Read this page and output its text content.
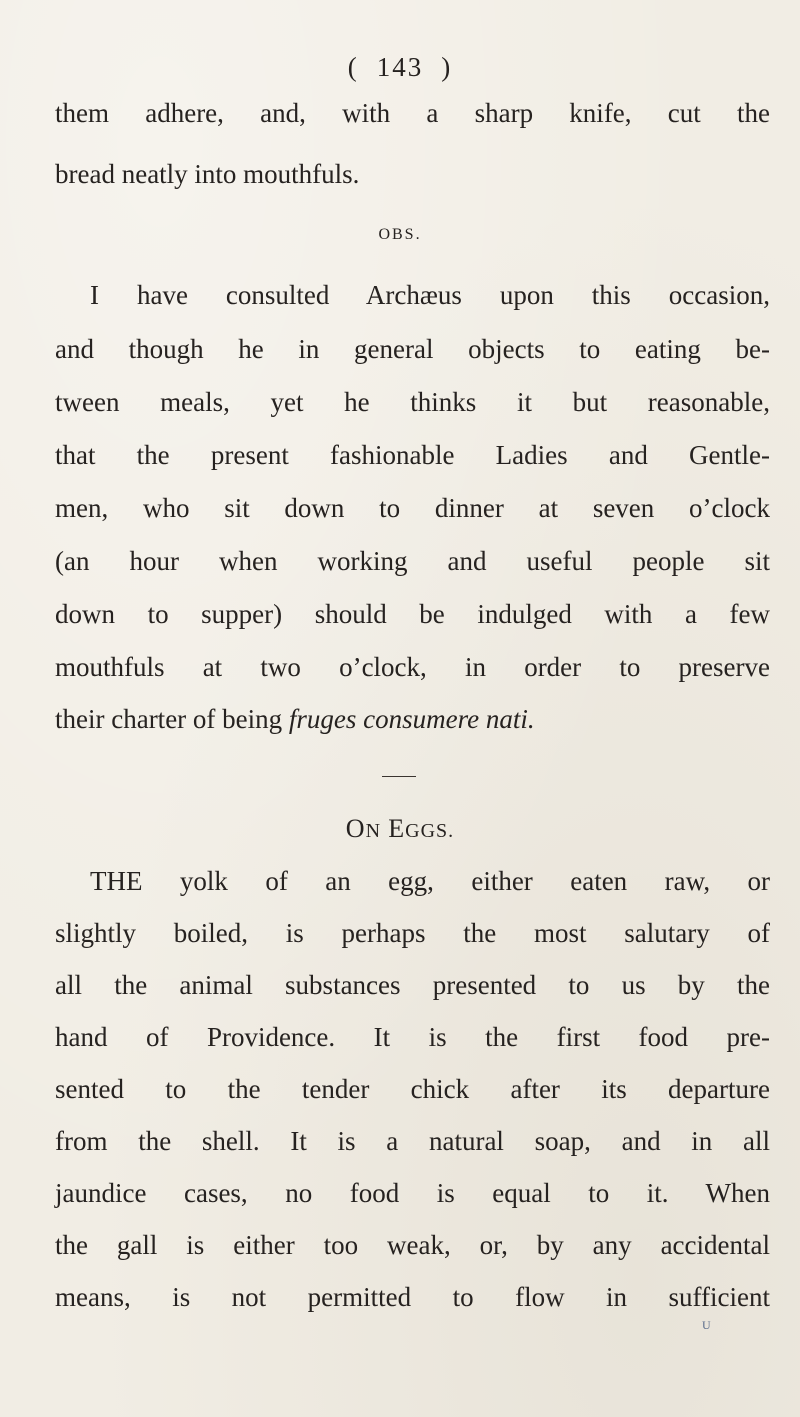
( 143 )
them adhere, and, with a sharp knife, cut the
bread neatly into mouthfuls.
OBS.
I have consulted Archæus upon this occasion,
and though he in general objects to eating be-
tween meals, yet he thinks it but reasonable,
that the present fashionable Ladies and Gentle-
men, who sit down to dinner at seven o’clock
(an hour when working and useful people sit
down to supper) should be indulged with a few
mouthfuls at two o’clock, in order to preserve
their charter of being fruges consumere nati.
ON EGGS.
THE yolk of an egg, either eaten raw, or
slightly boiled, is perhaps the most salutary of
all the animal substances presented to us by the
hand of Providence. It is the first food pre-
sented to the tender chick after its departure
from the shell. It is a natural soap, and in all
jaundice cases, no food is equal to it. When
the gall is either too weak, or, by any accidental
means, is not permitted to flow in sufficient
U
